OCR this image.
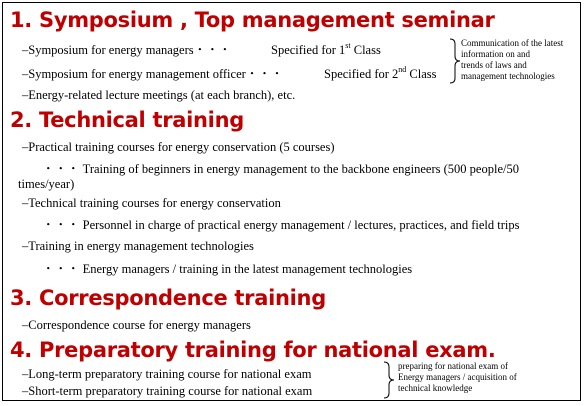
1. Symposium , Top management seminar
–Symposium for energy managers・・・	Specified for 1st Class
–Symposium for energy management officer・・・	Specified for 2nd Class
–Energy-related lecture meetings (at each branch), etc.
Communication of the latest
information on and
trends of laws and
management technologies
2. Technical training
–Practical training courses for energy conservation (5 courses)
・・・ Training of beginners in energy management to the backbone engineers (500 people/50
times/year)
–Technical training courses for energy conservation
・・・ Personnel in charge of practical energy management / lectures, practices, and field trips
–Training in energy management technologies
・・・ Energy managers / training in the latest management technologies
3. Correspondence training
–Correspondence course for energy managers
4. Preparatory training for national exam.
–Long-term preparatory training course for national exam
–Short-term preparatory training course for national exam
preparing for national exam of
Energy managers / acquisition of
technical knowledge
